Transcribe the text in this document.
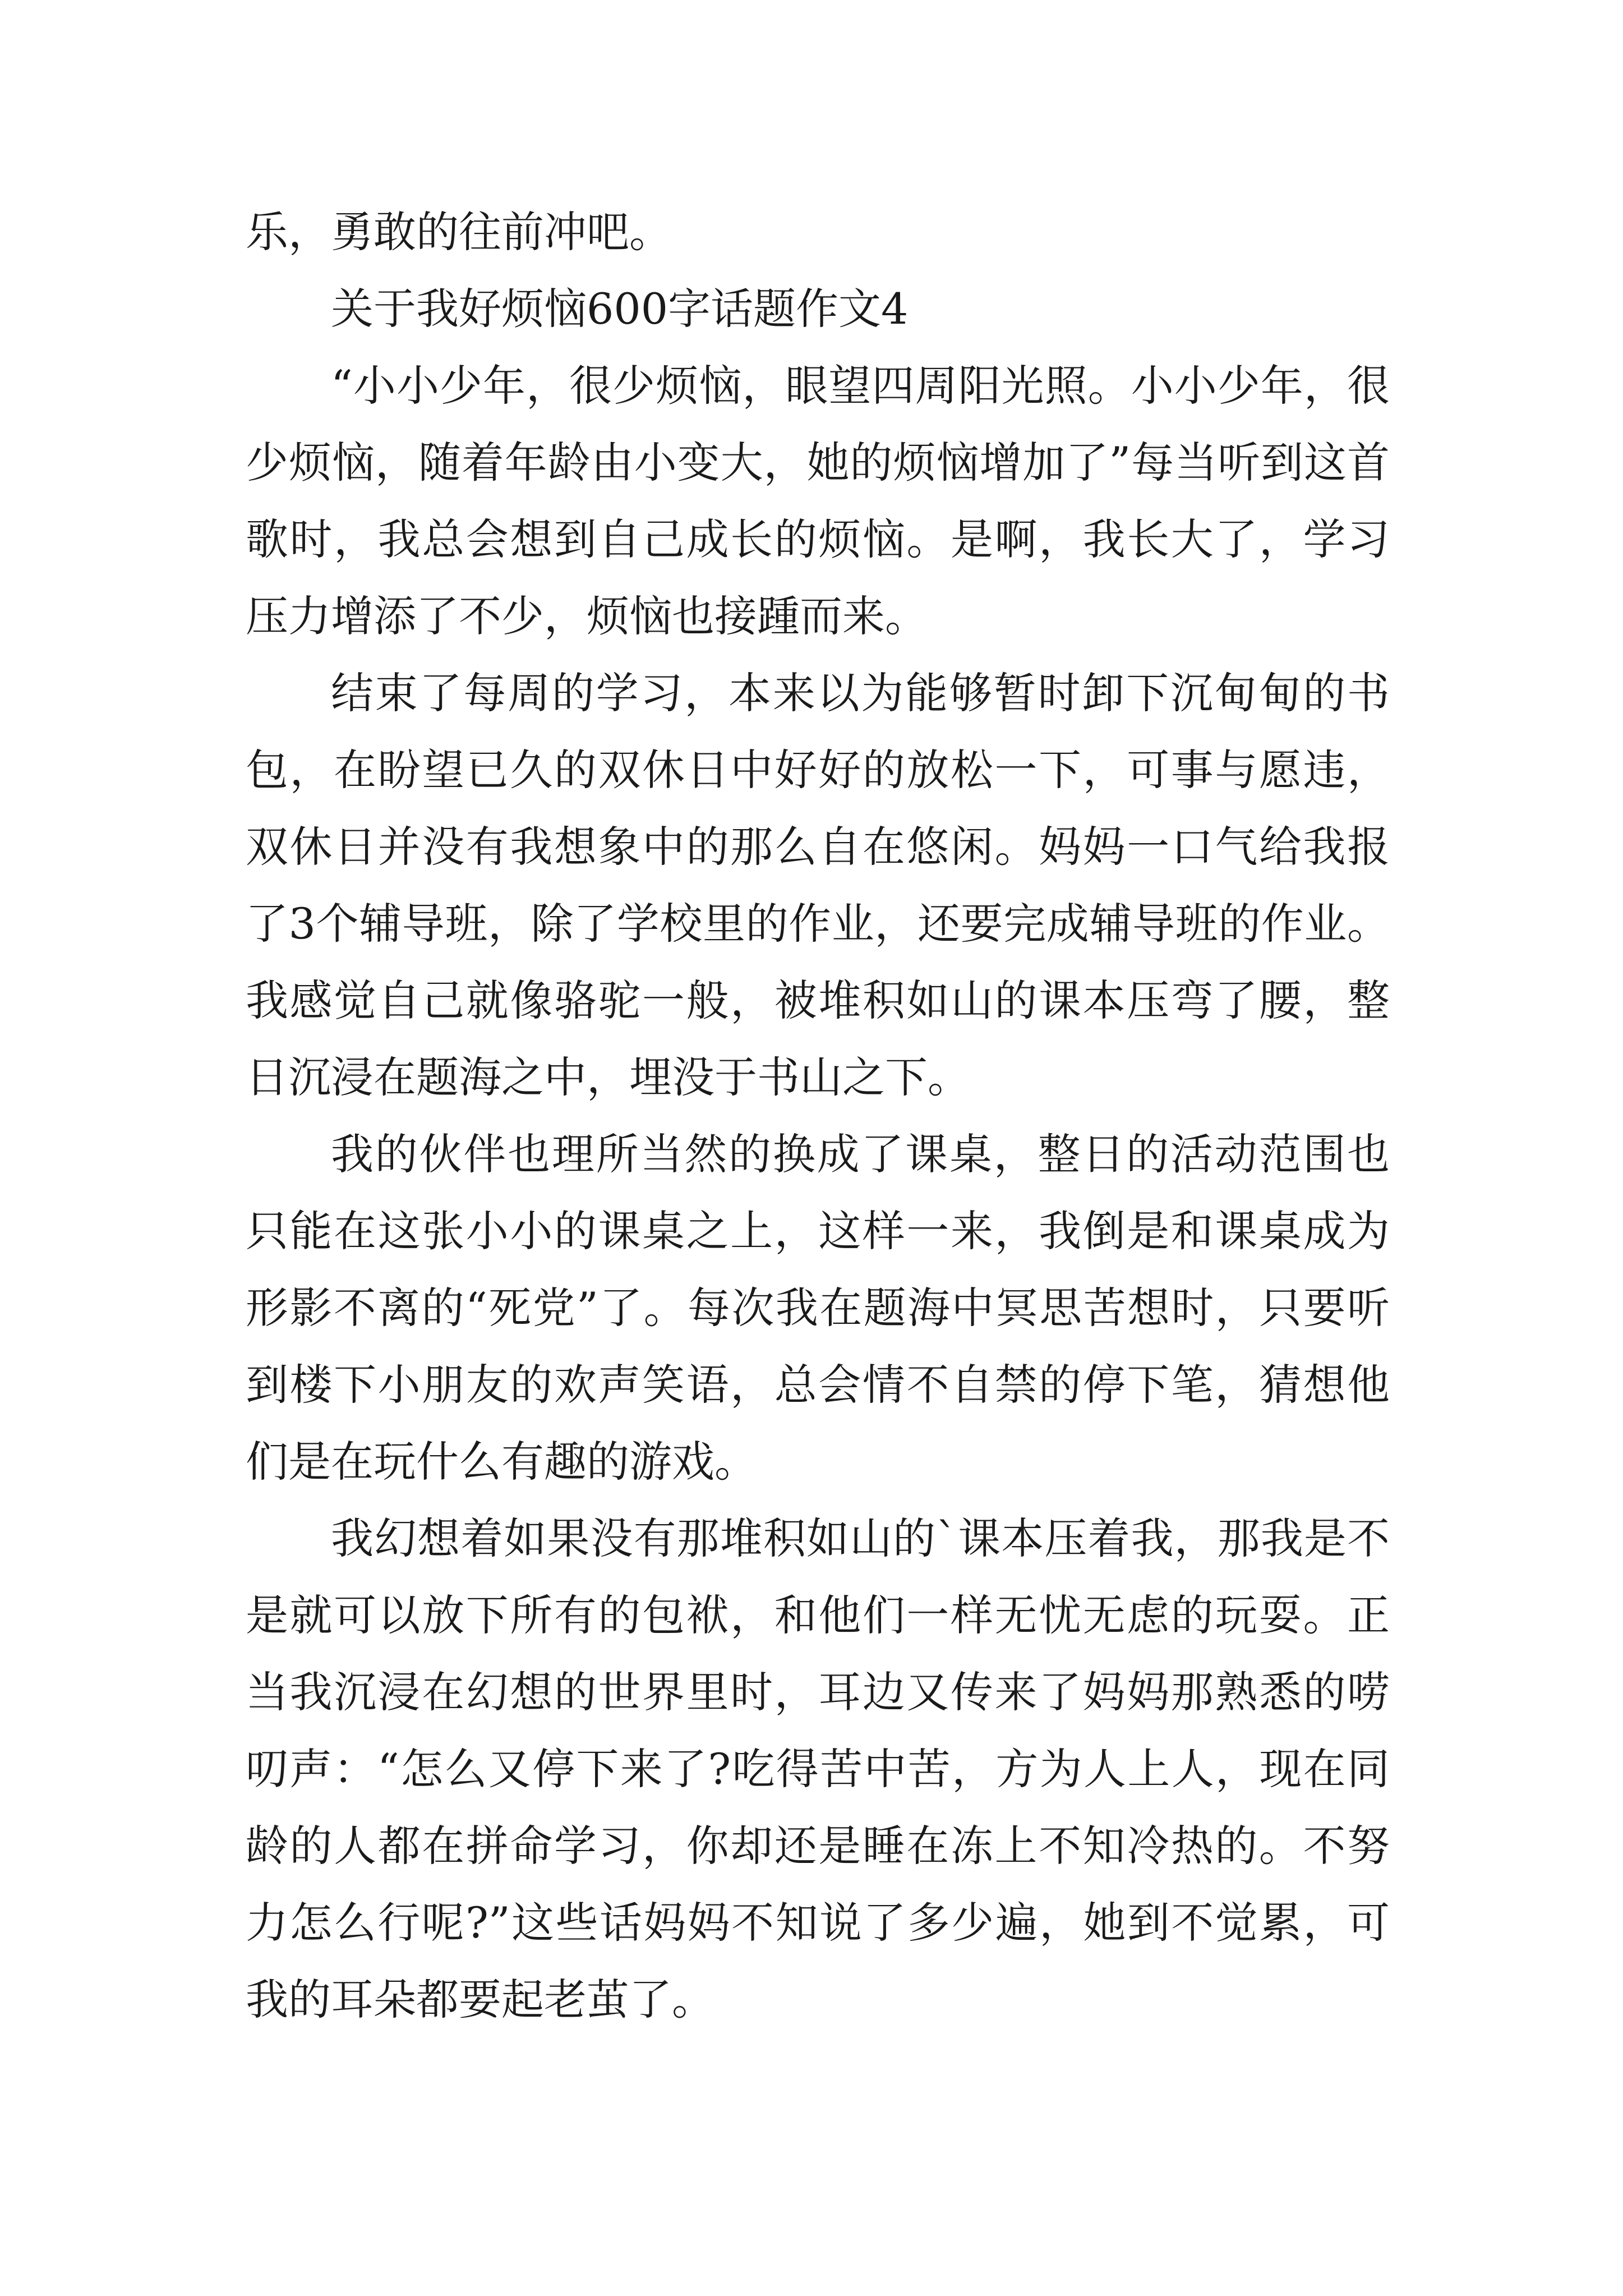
乐，勇敢的往前冲吧。

关于我好烦恼600字话题作文4

“小小少年，很少烦恼，眼望四周阳光照。小小少年，很少烦恼，随着年龄由小变大，她的烦恼增加了”每当听到这首歌时，我总会想到自己成长的烦恼。是啊，我长大了，学习压力增添了不少，烦恼也接踵而来。

结束了每周的学习，本来以为能够暂时卸下沉甸甸的书包，在盼望已久的双休日中好好的放松一下，可事与愿违，双休日并没有我想象中的那么自在悠闲。妈妈一口气给我报了3个辅导班，除了学校里的作业，还要完成辅导班的作业。我感觉自己就像骆驼一般，被堆积如山的课本压弯了腰，整日沉浸在题海之中，埋没于书山之下。

我的伙伴也理所当然的换成了课桌，整日的活动范围也只能在这张小小的课桌之上，这样一来，我倒是和课桌成为形影不离的“死党”了。每次我在题海中冥思苦想时，只要听到楼下小朋友的欢声笑语，总会情不自禁的停下笔，猜想他们是在玩什么有趣的游戏。

我幻想着如果没有那堆积如山的`课本压着我，那我是不是就可以放下所有的包袱，和他们一样无忧无虑的玩耍。正当我沉浸在幻想的世界里时，耳边又传来了妈妈那熟悉的唠叨声：“怎么又停下来了?吃得苦中苦，方为人上人，现在同龄的人都在拼命学习，你却还是睡在冻上不知冷热的。不努力怎么行呢?”这些话妈妈不知说了多少遍，她到不觉累，可我的耳朵都要起老茧了。
